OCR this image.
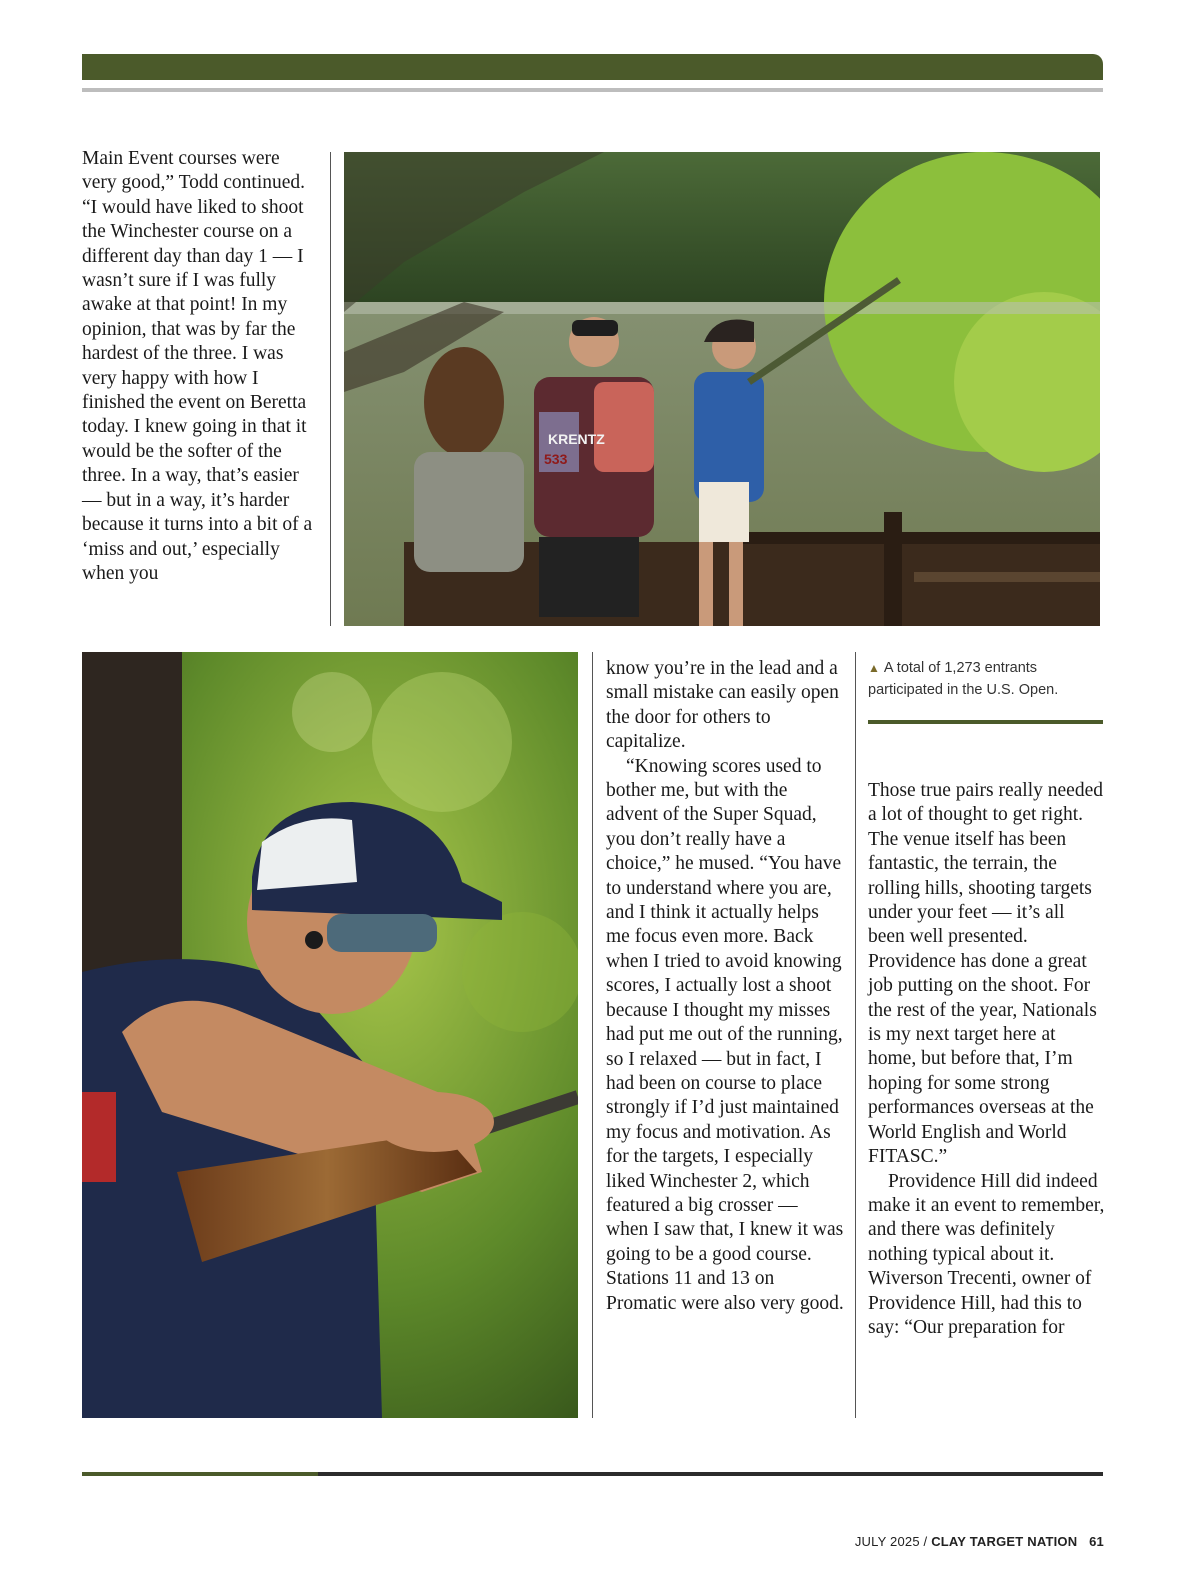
Main Event courses were very good,” Todd continued. “I would have liked to shoot the Winchester course on a different day than day 1 — I wasn’t sure if I was fully awake at that point! In my opinion, that was by far the hardest of the three. I was very happy with how I finished the event on Beretta today. I knew going in that it would be the softer of the three. In a way, that’s easier — but in a way, it’s harder because it turns into a bit of a ‘miss and out,’ especially when you

KRENTZ
533

know you’re in the lead and a small mistake can easily open the door for others to capitalize.

“Knowing scores used to bother me, but with the advent of the Super Squad, you don’t really have a choice,” he mused. “You have to understand where you are, and I think it actually helps me focus even more. Back when I tried to avoid knowing scores, I actually lost a shoot because I thought my misses had put me out of the running, so I relaxed — but in fact, I had been on course to place strongly if I’d just maintained my focus and motivation. As for the targets, I especially liked Winchester 2, which featured a big crosser — when I saw that, I knew it was going to be a good course. Stations 11 and 13 on Promatic were also very good.

▲ A total of 1,273 entrants participated in the U.S. Open.

Those true pairs really needed a lot of thought to get right. The venue itself has been fantastic, the terrain, the rolling hills, shooting targets under your feet — it’s all been well presented. Providence has done a great job putting on the shoot. For the rest of the year, Nationals is my next target here at home, but before that, I’m hoping for some strong performances overseas at the World English and World FITASC.”

Providence Hill did indeed make it an event to remember, and there was definitely nothing typical about it. Wiverson Trecenti, owner of Providence Hill, had this to say: “Our preparation for

JULY 2025 / CLAY TARGET NATION 61
